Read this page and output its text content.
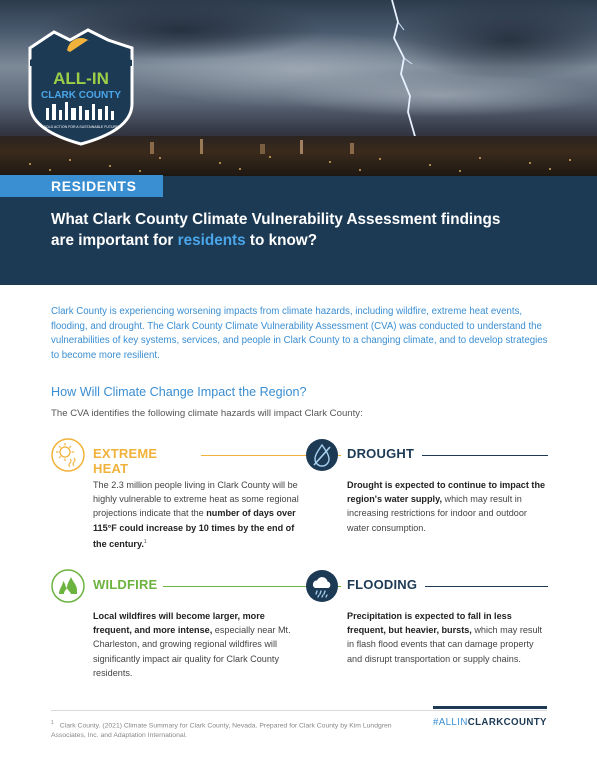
ALL-IN
CLARK COUNTY
BOLD ACTION FOR A SUSTAINABLE FUTURE
RESIDENTS
What Clark County Climate Vulnerability Assessment findings are important for residents to know?
Clark County is experiencing worsening impacts from climate hazards, including wildfire, extreme heat events, flooding, and drought. The Clark County Climate Vulnerability Assessment (CVA) was conducted to understand the vulnerabilities of key systems, services, and people in Clark County to a changing climate, and to develop strategies to become more resilient.
How Will Climate Change Impact the Region?
The CVA identifies the following climate hazards will impact Clark County:
EXTREME HEAT
The 2.3 million people living in Clark County will be highly vulnerable to extreme heat as some regional projections indicate that the number of days over 115°F could increase by 10 times by the end of the century.$^1$
DROUGHT
Drought is expected to continue to impact the region's water supply, which may result in increasing restrictions for indoor and outdoor water consumption.
WILDFIRE
Local wildfires will become larger, more frequent, and more intense, especially near Mt. Charleston, and growing regional wildfires will significantly impact air quality for Clark County residents.
FLOODING
Precipitation is expected to fall in less frequent, but heavier, bursts, which may result in flash flood events that can damage property and disrupt transportation or supply chains.
$^1$ Clark County. (2021) Climate Summary for Clark County, Nevada. Prepared for Clark County by Kim Lundgren Associates, Inc. and Adaptation International.
#ALLINCLARKCOUNTY
